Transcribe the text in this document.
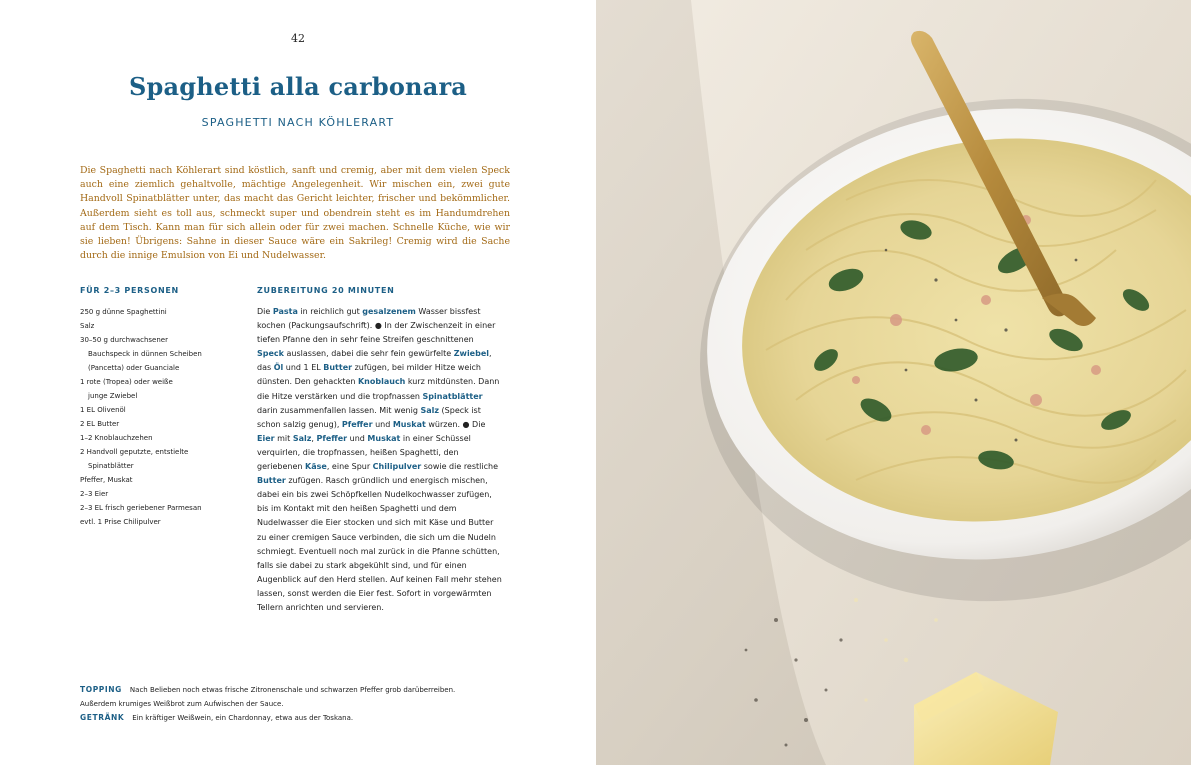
42
Spaghetti alla carbonara
SPAGHETTI NACH KÖHLERART
Die Spaghetti nach Köhlerart sind köstlich, sanft und cremig, aber mit dem vielen Speck auch eine ziemlich gehaltvolle, mächtige Angelegenheit. Wir mischen ein, zwei gute Handvoll Spinatblätter unter, das macht das Gericht leichter, frischer und bekömmlicher. Außerdem sieht es toll aus, schmeckt super und obendrein steht es im Handumdrehen auf dem Tisch. Kann man für sich allein oder für zwei machen. Schnelle Küche, wie wir sie lieben! Übrigens: Sahne in dieser Sauce wäre ein Sakrileg! Cremig wird die Sache durch die innige Emulsion von Ei und Nudelwasser.
FÜR 2–3 PERSONEN
250 g dünne Spaghettini
Salz
30–50 g durchwachsener
Bauchspeck in dünnen Scheiben
(Pancetta) oder Guanciale
1 rote (Tropea) oder weiße
junge Zwiebel
1 EL Olivenöl
2 EL Butter
1–2 Knoblauchzehen
2 Handvoll geputzte, entstielte
Spinatblätter
Pfeffer, Muskat
2–3 Eier
2–3 EL frisch geriebener Parmesan
evtl. 1 Prise Chilipulver
ZUBEREITUNG 20 MINUTEN
Die Pasta in reichlich gut gesalzenem Wasser bissfest kochen (Packungsaufschrift). ● In der Zwischenzeit in einer tiefen Pfanne den in sehr feine Streifen geschnittenen Speck auslassen, dabei die sehr fein gewürfelte Zwiebel, das Öl und 1 EL Butter zufügen, bei milder Hitze weich dünsten. Den gehackten Knoblauch kurz mitdünsten. Dann die Hitze verstärken und die tropfnassen Spinatblätter darin zusammenfallen lassen. Mit wenig Salz (Speck ist schon salzig genug), Pfeffer und Muskat würzen. ● Die Eier mit Salz, Pfeffer und Muskat in einer Schüssel verquirlen, die tropfnassen, heißen Spaghetti, den geriebenen Käse, eine Spur Chilipulver sowie die restliche Butter zufügen. Rasch gründlich und energisch mischen, dabei ein bis zwei Schöpfkellen Nudelkochwasser zufügen, bis im Kontakt mit den heißen Spaghetti und dem Nudelwasser die Eier stocken und sich mit Käse und Butter zu einer cremigen Sauce verbinden, die sich um die Nudeln schmiegt. Eventuell noch mal zurück in die Pfanne schütten, falls sie dabei zu stark abgekühlt sind, und für einen Augenblick auf den Herd stellen. Auf keinen Fall mehr stehen lassen, sonst werden die Eier fest. Sofort in vorgewärmten Tellern anrichten und servieren.
TOPPING Nach Belieben noch etwas frische Zitronenschale und schwarzen Pfeffer grob darüberreiben.
Außerdem krumiges Weißbrot zum Aufwischen der Sauce.
GETRÄNK Ein kräftiger Weißwein, ein Chardonnay, etwa aus der Toskana.
